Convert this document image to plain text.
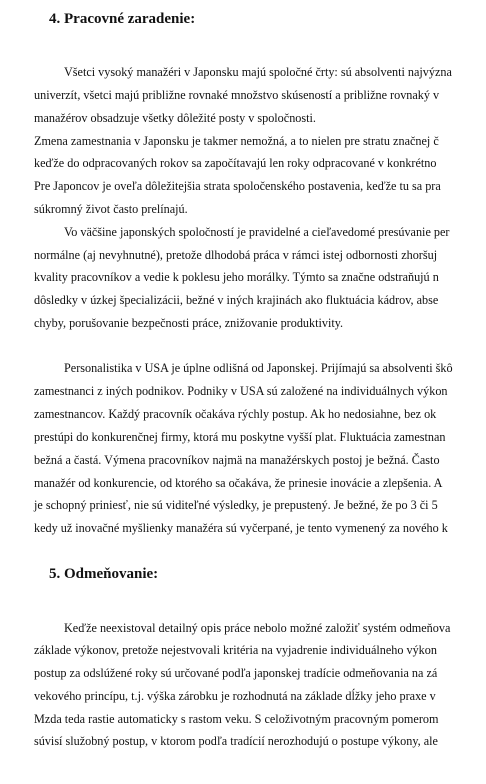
4. Pracovné zaradenie:

Všetci vysoký manažéri v Japonsku majú spoločné črty: sú absolventi najvýzna

univerzít, všetci majú približne rovnaké množstvo skúseností a približne rovnaký v

manažérov obsadzuje všetky dôležité posty v spoločnosti.

Zmena zamestnania v Japonsku je takmer nemožná, a to nielen pre stratu značnej č

keďže do odpracovaných rokov sa započítavajú len roky odpracované v konkrétno

Pre Japoncov je oveľa dôležitejšia strata spoločenského postavenia, keďže tu sa pra

súkromný život často prelínajú.

Vo väčšine japonských spoločností je pravidelné a cieľavedomé presúvanie per

normálne (aj nevyhnutné), pretože dlhodobá práca v rámci istej odbornosti zhoršuj

kvality pracovníkov a vedie k poklesu jeho morálky. Týmto sa značne odstraňujú n

dôsledky v úzkej špecializácii, bežné v iných krajinách ako fluktuácia kádrov, abse

chyby, porušovanie bezpečnosti práce, znižovanie produktivity.

Personalistika v USA je úplne odlišná od Japonskej. Prijímajú sa absolventi škô

zamestnanci z iných podnikov. Podniky v USA sú založené na individuálnych výkon

zamestnancov. Každý pracovník očakáva rýchly postup. Ak ho nedosiahne, bez ok

prestúpi do konkurenčnej firmy, ktorá mu poskytne vyšší plat. Fluktuácia zamestnan

bežná a častá. Výmena pracovníkov najmä na manažérskych postoj je bežná. Často

manažér od konkurencie, od ktorého sa očakáva, že prinesie inovácie a zlepšenia. A

je schopný priniesť, nie sú viditeľné výsledky, je prepustený. Je bežné, že po 3 či 5

kedy už inovačné myšlienky manažéra sú vyčerpané, je tento vymenený za nového k

5. Odmeňovanie:

Keďže neexistoval detailný opis práce nebolo možné založiť systém odmeňova

základe výkonov, pretože nejestvovali kritéria na vyjadrenie individuálneho výkon

postup za odslúžené roky sú určované podľa japonskej tradície odmeňovania na zá

vekového princípu, t.j. výška zárobku je rozhodnutá na základe dĺžky jeho praxe v

Mzda teda rastie automaticky s rastom veku. S celoživotným pracovným pomerom

súvisí služobný postup, v ktorom podľa tradícií nerozhodujú o postupe výkony, ale
